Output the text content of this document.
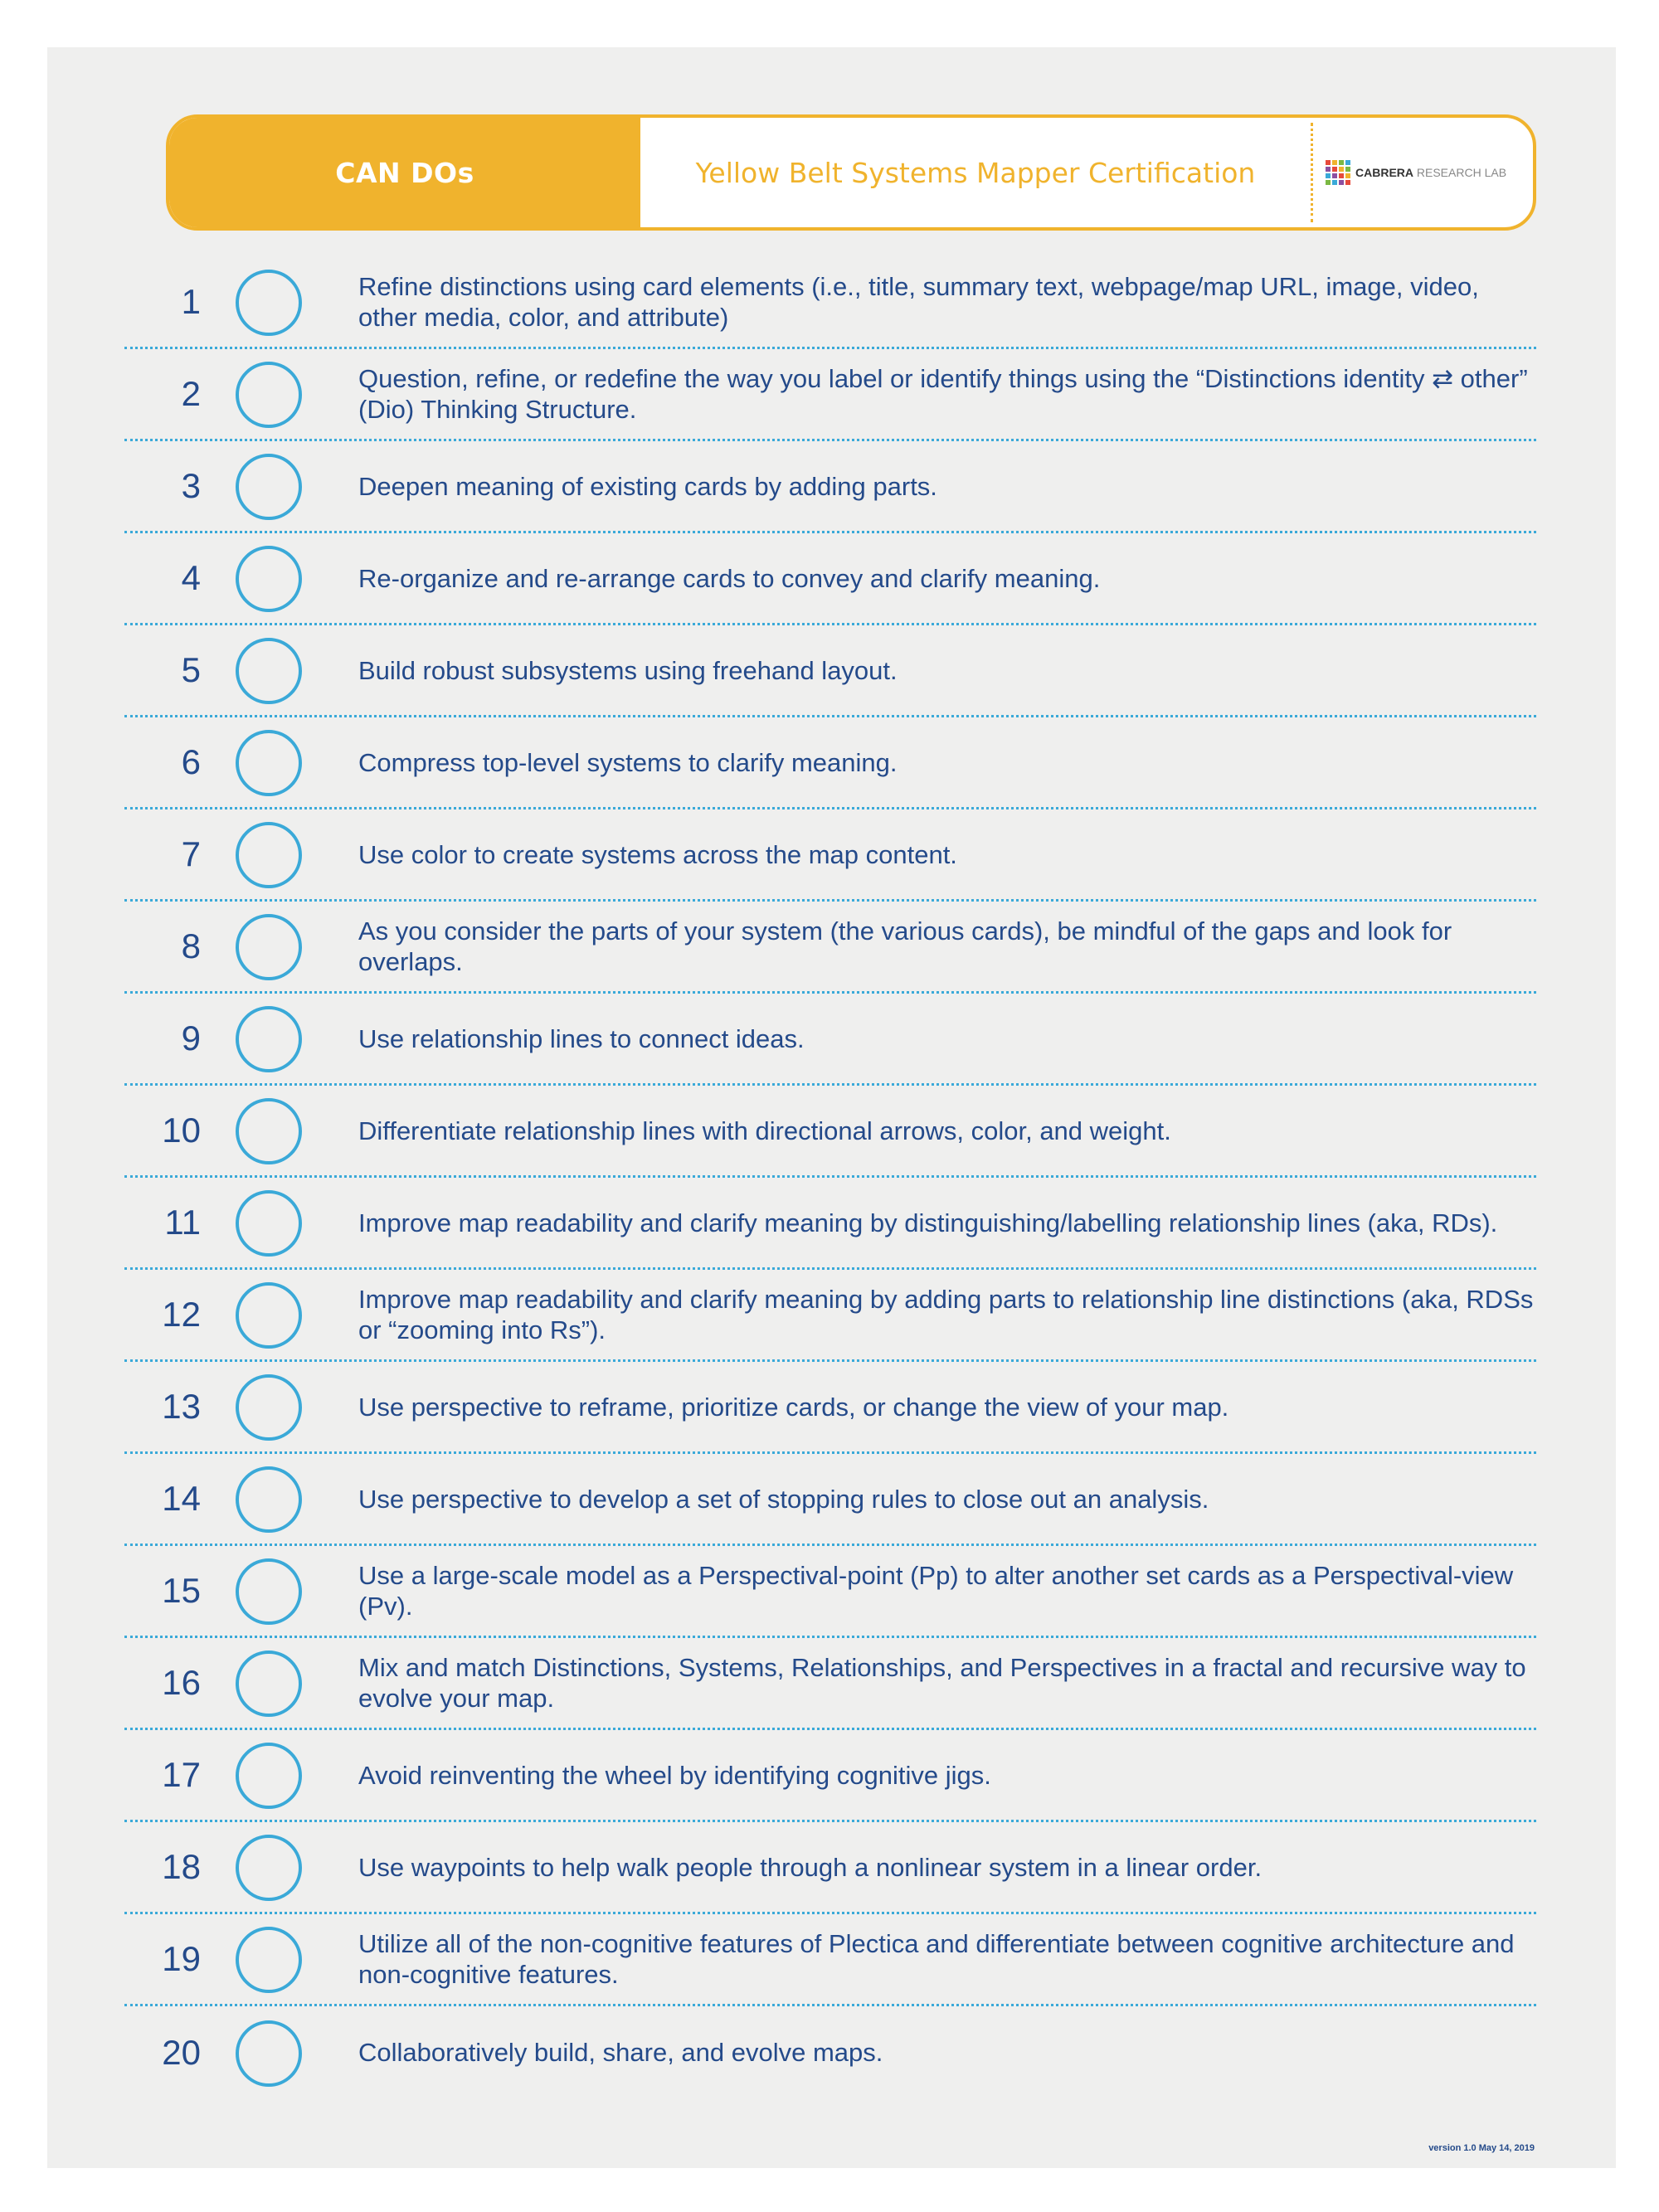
CAN DOs	Yellow Belt Systems Mapper Certification	CABRERA RESEARCH LAB
1	Refine distinctions using card elements (i.e., title, summary text, webpage/map URL, image, video, other media, color, and attribute)
2	Question, refine, or redefine the way you label or identify things using the “Distinctions identity ⇄ other” (Dio) Thinking Structure.
3	Deepen meaning of existing cards by adding parts.
4	Re-organize and re-arrange cards to convey and clarify meaning.
5	Build robust subsystems using freehand layout.
6	Compress top-level systems to clarify meaning.
7	Use color to create systems across the map content.
8	As you consider the parts of your system (the various cards), be mindful of the gaps and look for overlaps.
9	Use relationship lines to connect ideas.
10	Differentiate relationship lines with directional arrows, color, and weight.
11	Improve map readability and clarify meaning by distinguishing/labelling relationship lines (aka, RDs).
12	Improve map readability and clarify meaning by adding parts to relationship line distinctions (aka, RDSs or “zooming into Rs”).
13	Use perspective to reframe, prioritize cards, or change the view of your map.
14	Use perspective to develop a set of stopping rules to close out an analysis.
15	Use a large-scale model as a Perspectival-point (Pp) to alter another set cards as a Perspectival-view (Pv).
16	Mix and match Distinctions, Systems, Relationships, and Perspectives in a fractal and recursive way to evolve your map.
17	Avoid reinventing the wheel by identifying cognitive jigs.
18	Use waypoints to help walk people through a nonlinear system in a linear order.
19	Utilize all of the non-cognitive features of Plectica and differentiate between cognitive architecture and non-cognitive features.
20	Collaboratively build, share, and evolve maps.
version 1.0 May 14, 2019
